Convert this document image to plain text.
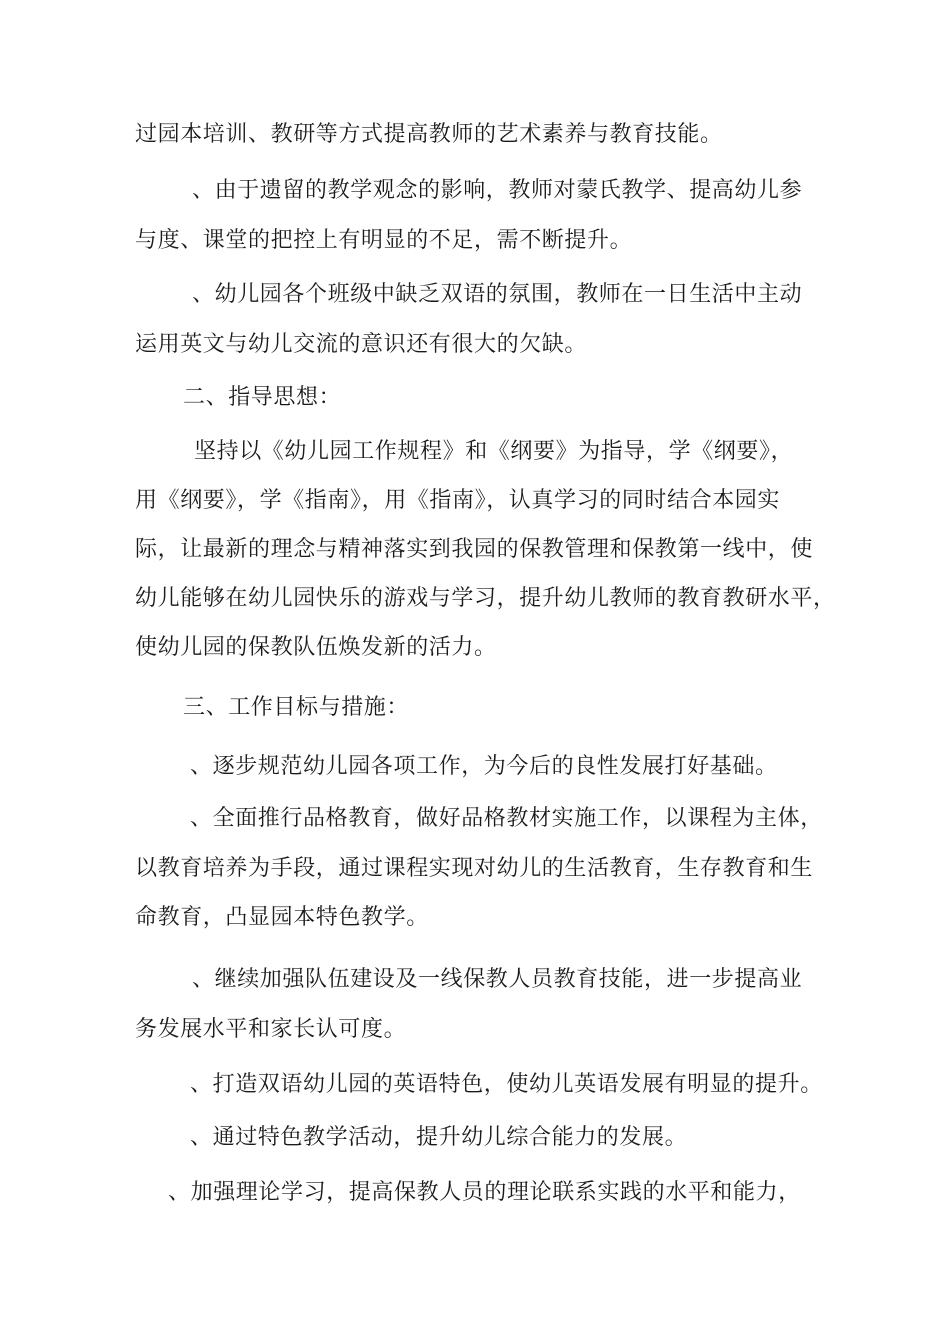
过园本培训、教研等方式提高教师的艺术素养与教育技能。
、由于遗留的教学观念的影响，教师对蒙氏教学、提高幼儿参
与度、课堂的把控上有明显的不足，需不断提升。
、幼儿园各个班级中缺乏双语的氛围，教师在一日生活中主动
运用英文与幼儿交流的意识还有很大的欠缺。
二、指导思想：
坚持以《幼儿园工作规程》和《纲要》为指导，学《纲要》，
用《纲要》，学《指南》，用《指南》，认真学习的同时结合本园实
际，让最新的理念与精神落实到我园的保教管理和保教第一线中，使
幼儿能够在幼儿园快乐的游戏与学习，提升幼儿教师的教育教研水平，
使幼儿园的保教队伍焕发新的活力。
三、工作目标与措施：
、逐步规范幼儿园各项工作，为今后的良性发展打好基础。
、全面推行品格教育，做好品格教材实施工作，以课程为主体，
以教育培养为手段，通过课程实现对幼儿的生活教育，生存教育和生
命教育，凸显园本特色教学。
、继续加强队伍建设及一线保教人员教育技能，进一步提高业
务发展水平和家长认可度。
、打造双语幼儿园的英语特色，使幼儿英语发展有明显的提升。
、通过特色教学活动，提升幼儿综合能力的发展。
、加强理论学习，提高保教人员的理论联系实践的水平和能力，
